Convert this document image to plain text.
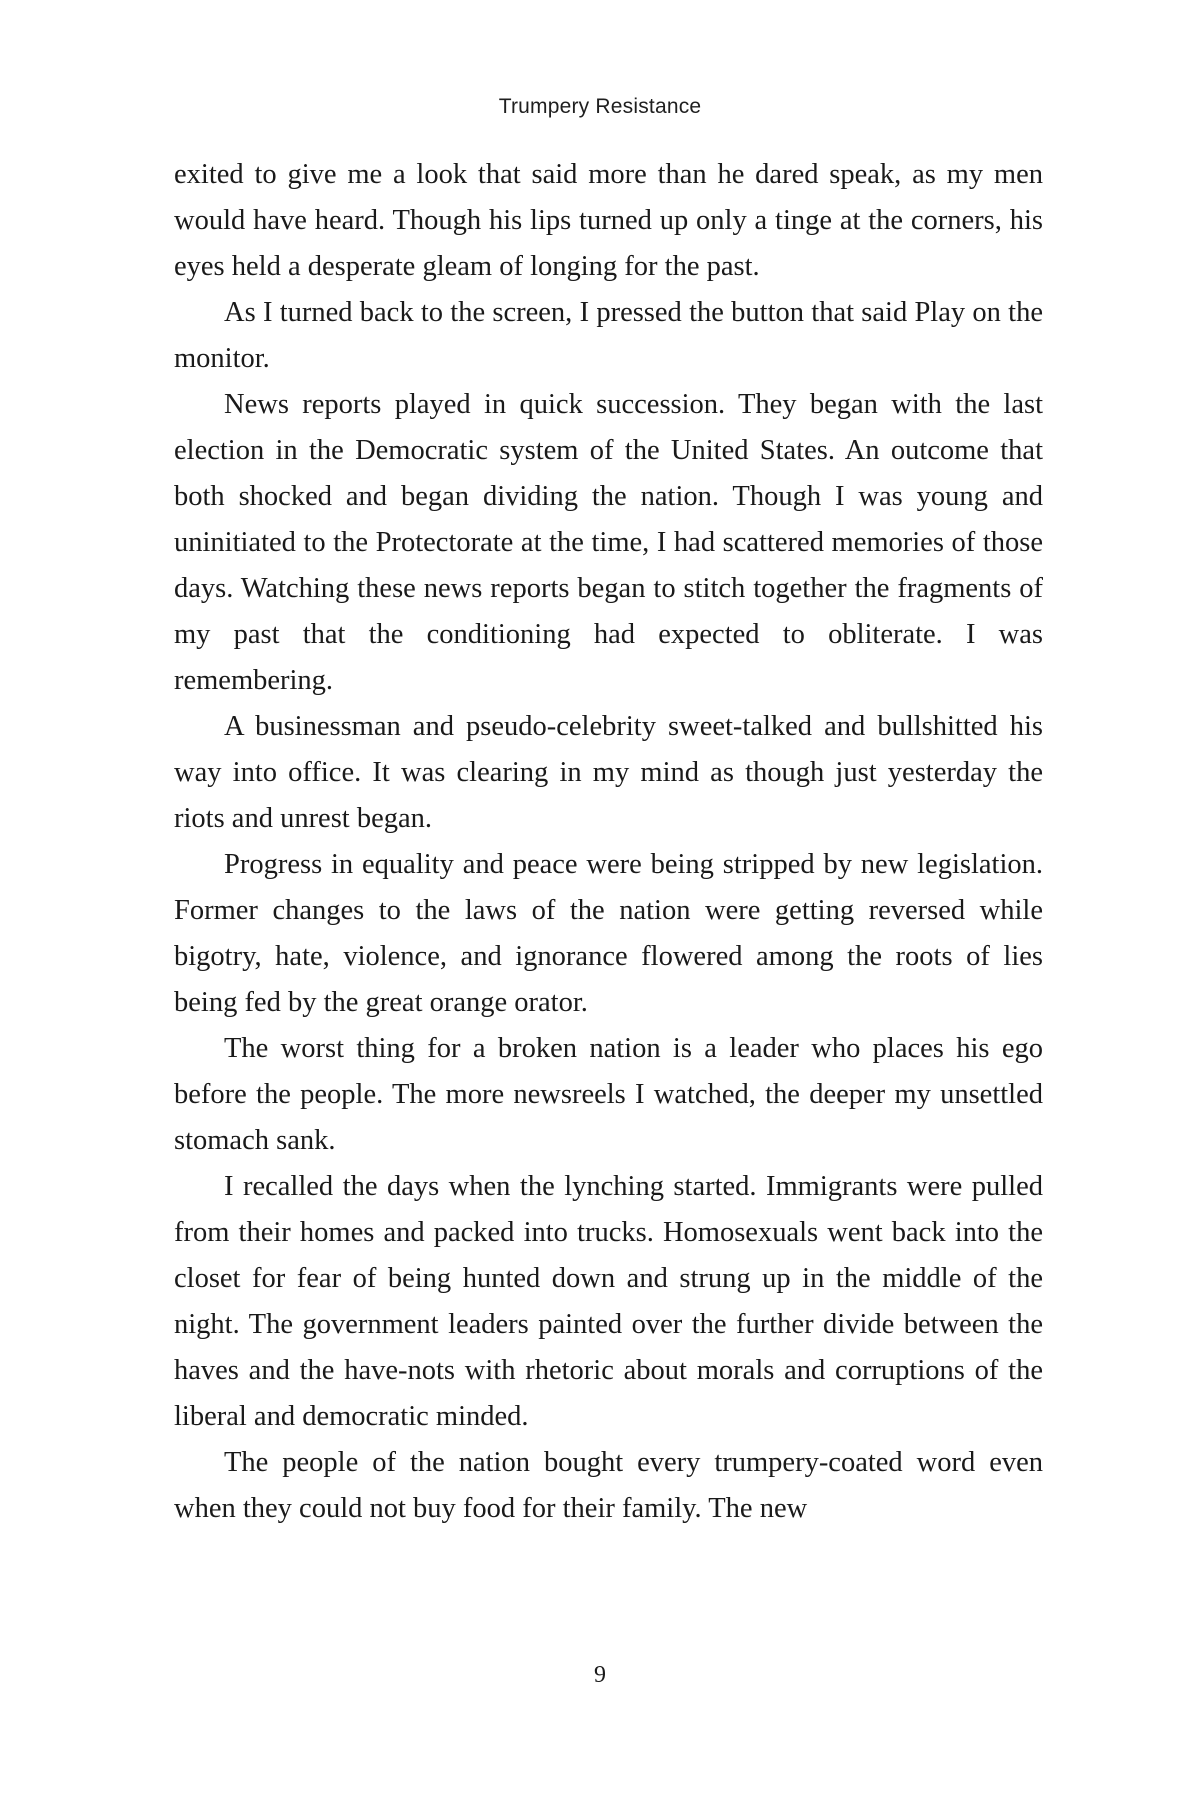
Trumpery Resistance

exited to give me a look that said more than he dared speak, as my men would have heard. Though his lips turned up only a tinge at the corners, his eyes held a desperate gleam of longing for the past.

As I turned back to the screen, I pressed the button that said Play on the monitor.

News reports played in quick succession. They began with the last election in the Democratic system of the United States. An outcome that both shocked and began dividing the nation. Though I was young and uninitiated to the Protectorate at the time, I had scattered memories of those days. Watching these news reports began to stitch together the fragments of my past that the conditioning had expected to obliterate. I was remembering.

A businessman and pseudo-celebrity sweet-talked and bullshitted his way into office. It was clearing in my mind as though just yesterday the riots and unrest began.

Progress in equality and peace were being stripped by new legislation. Former changes to the laws of the nation were getting reversed while bigotry, hate, violence, and ignorance flowered among the roots of lies being fed by the great orange orator.

The worst thing for a broken nation is a leader who places his ego before the people. The more newsreels I watched, the deeper my unsettled stomach sank.

I recalled the days when the lynching started. Immigrants were pulled from their homes and packed into trucks. Homosexuals went back into the closet for fear of being hunted down and strung up in the middle of the night. The government leaders painted over the further divide between the haves and the have-nots with rhetoric about morals and corruptions of the liberal and democratic minded.

The people of the nation bought every trumpery-coated word even when they could not buy food for their family. The new

9
